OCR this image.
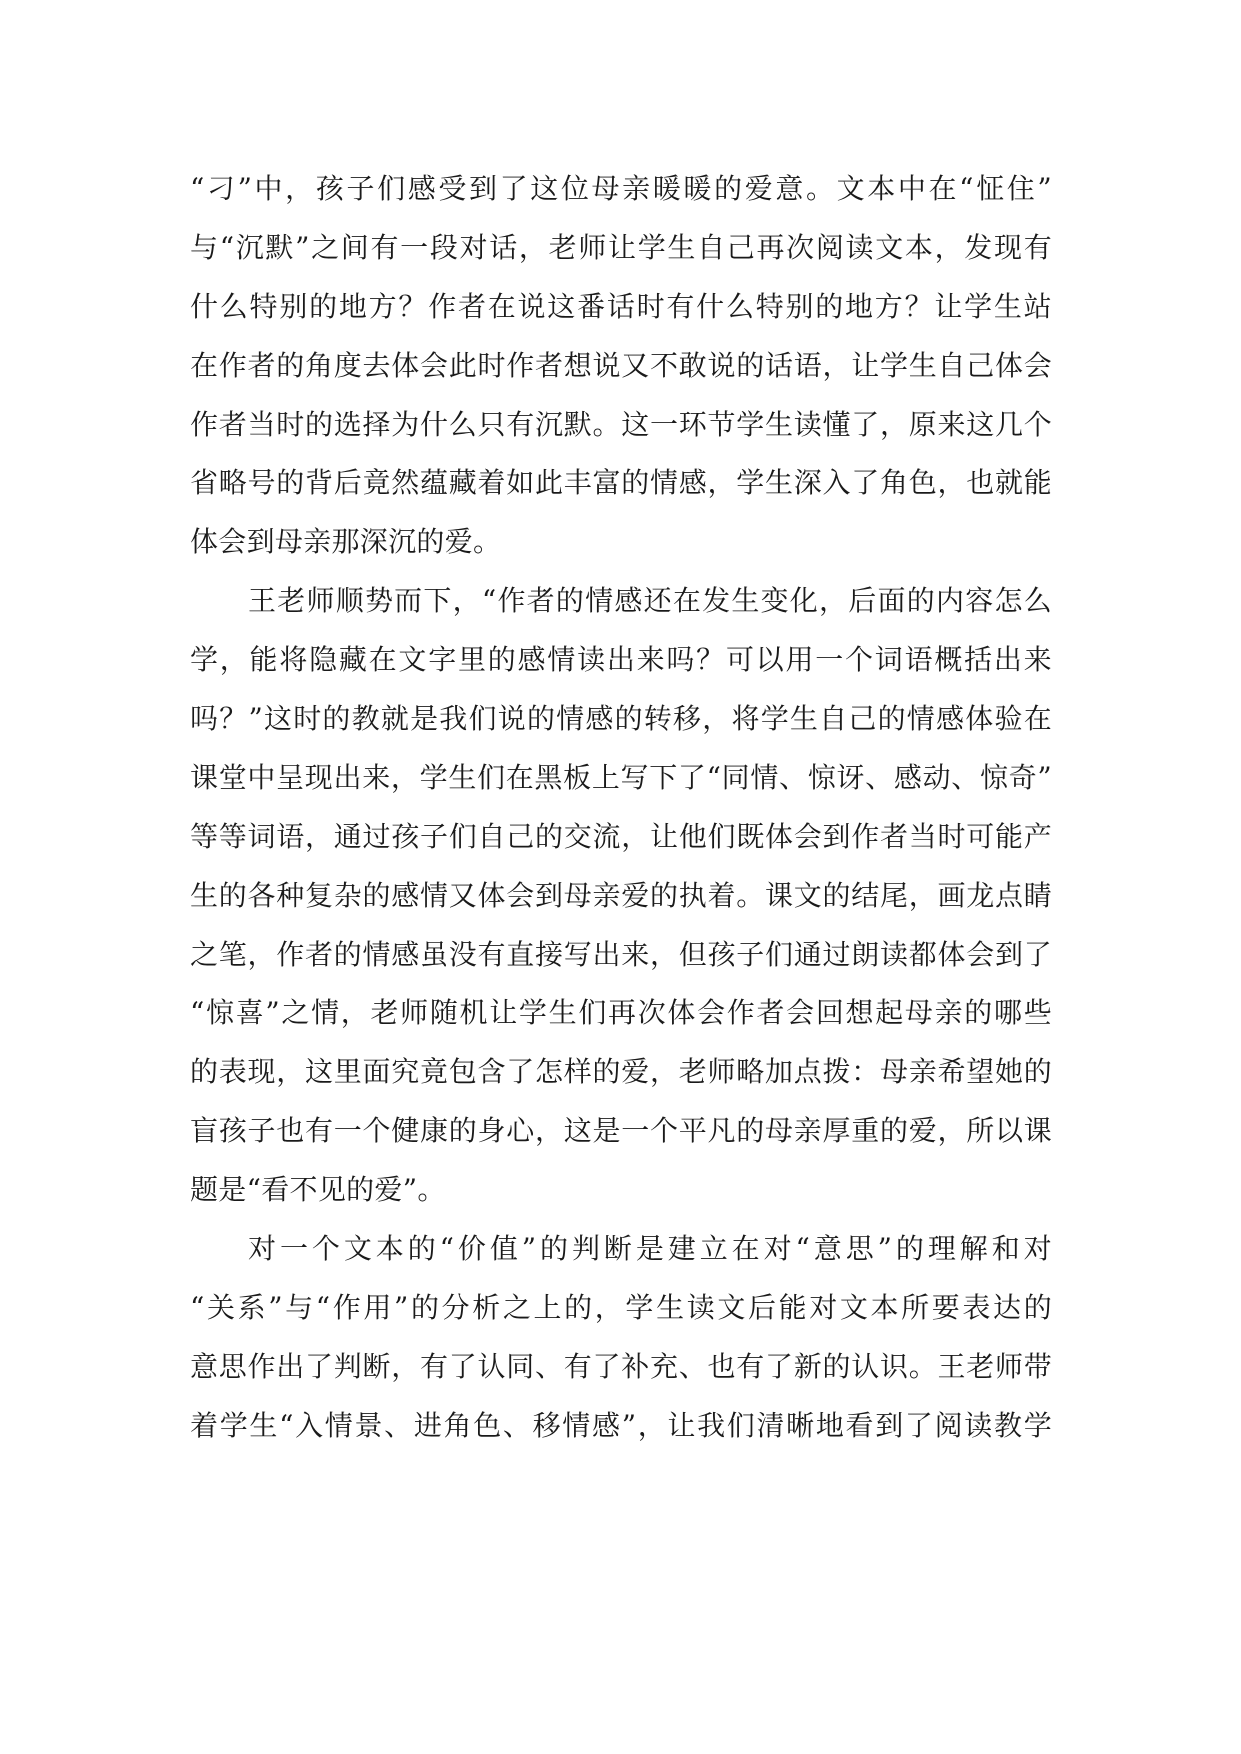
“刁”中，孩子们感受到了这位母亲暖暖的爱意。文本中在“怔住”
与“沉默”之间有一段对话，老师让学生自己再次阅读文本，发现有
什么特别的地方？作者在说这番话时有什么特别的地方？让学生站
在作者的角度去体会此时作者想说又不敢说的话语，让学生自己体会
作者当时的选择为什么只有沉默。这一环节学生读懂了，原来这几个
省略号的背后竟然蕴藏着如此丰富的情感，学生深入了角色，也就能
体会到母亲那深沉的爱。
王老师顺势而下，“作者的情感还在发生变化，后面的内容怎么
学，能将隐藏在文字里的感情读出来吗？可以用一个词语概括出来
吗？”这时的教就是我们说的情感的转移，将学生自己的情感体验在
课堂中呈现出来，学生们在黑板上写下了“同情、惊讶、感动、惊奇”
等等词语，通过孩子们自己的交流，让他们既体会到作者当时可能产
生的各种复杂的感情又体会到母亲爱的执着。课文的结尾，画龙点睛
之笔，作者的情感虽没有直接写出来，但孩子们通过朗读都体会到了
“惊喜”之情，老师随机让学生们再次体会作者会回想起母亲的哪些
的表现，这里面究竟包含了怎样的爱，老师略加点拨：母亲希望她的
盲孩子也有一个健康的身心，这是一个平凡的母亲厚重的爱，所以课
题是“看不见的爱”。
对一个文本的“价值”的判断是建立在对“意思”的理解和对
“关系”与“作用”的分析之上的，学生读文后能对文本所要表达的
意思作出了判断，有了认同、有了补充、也有了新的认识。王老师带
着学生“入情景、进角色、移情感”，让我们清晰地看到了阅读教学
